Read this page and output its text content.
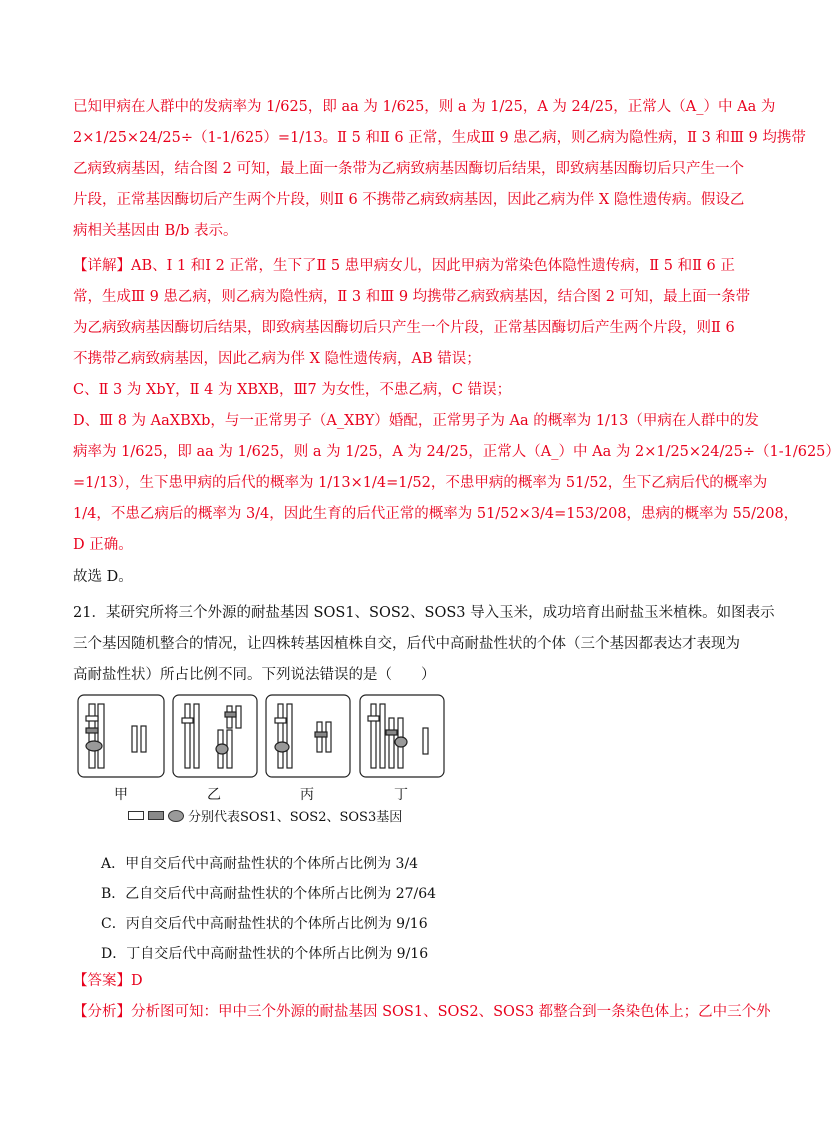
已知甲病在人群中的发病率为 1/625，即 aa 为 1/625，则 a 为 1/25，A 为 24/25，正常人（A_）中 Aa 为
2×1/25×24/25÷（1-1/625）=1/13。Ⅱ 5 和Ⅱ 6 正常，生成Ⅲ 9 患乙病，则乙病为隐性病，Ⅱ 3 和Ⅲ 9 均携带
乙病致病基因，结合图 2 可知，最上面一条带为乙病致病基因酶切后结果，即致病基因酶切后只产生一个
片段，正常基因酶切后产生两个片段，则Ⅱ 6 不携带乙病致病基因，因此乙病为伴 X 隐性遗传病。假设乙
病相关基因由 B/b 表示。
【详解】AB、Ⅰ 1 和Ⅰ 2 正常，生下了Ⅱ 5 患甲病女儿，因此甲病为常染色体隐性遗传病，Ⅱ 5 和Ⅱ 6 正
常，生成Ⅲ 9 患乙病，则乙病为隐性病，Ⅱ 3 和Ⅲ 9 均携带乙病致病基因，结合图 2 可知，最上面一条带
为乙病致病基因酶切后结果，即致病基因酶切后只产生一个片段，正常基因酶切后产生两个片段，则Ⅱ 6
不携带乙病致病基因，因此乙病为伴 X 隐性遗传病，AB 错误；
C、Ⅱ 3 为 XbY，Ⅱ 4 为 XBXB，Ⅲ7 为女性，不患乙病，C 错误；
D、Ⅲ 8 为 AaXBXb，与一正常男子（A_XBY）婚配，正常男子为 Aa 的概率为 1/13（甲病在人群中的发
病率为 1/625，即 aa 为 1/625，则 a 为 1/25，A 为 24/25，正常人（A_）中 Aa 为 2×1/25×24/25÷（1-1/625）
=1/13），生下患甲病的后代的概率为 1/13×1/4=1/52，不患甲病的概率为 51/52，生下乙病后代的概率为
1/4，不患乙病后的概率为 3/4，因此生育的后代正常的概率为 51/52×3/4=153/208，患病的概率为 55/208，
D 正确。
故选 D。
21．某研究所将三个外源的耐盐基因 SOS1、SOS2、SOS3 导入玉米，成功培育出耐盐玉米植株。如图表示
三个基因随机整合的情况，让四株转基因植株自交，后代中高耐盐性状的个体（三个基因都表达才表现为
高耐盐性状）所占比例不同。下列说法错误的是（　　）
甲	乙	丙	丁
分别代表SOS1、SOS2、SOS3基因
A．甲自交后代中高耐盐性状的个体所占比例为 3/4
B．乙自交后代中高耐盐性状的个体所占比例为 27/64
C．丙自交后代中高耐盐性状的个体所占比例为 9/16
D．丁自交后代中高耐盐性状的个体所占比例为 9/16
【答案】D
【分析】分析图可知：甲中三个外源的耐盐基因 SOS1、SOS2、SOS3 都整合到一条染色体上；乙中三个外
